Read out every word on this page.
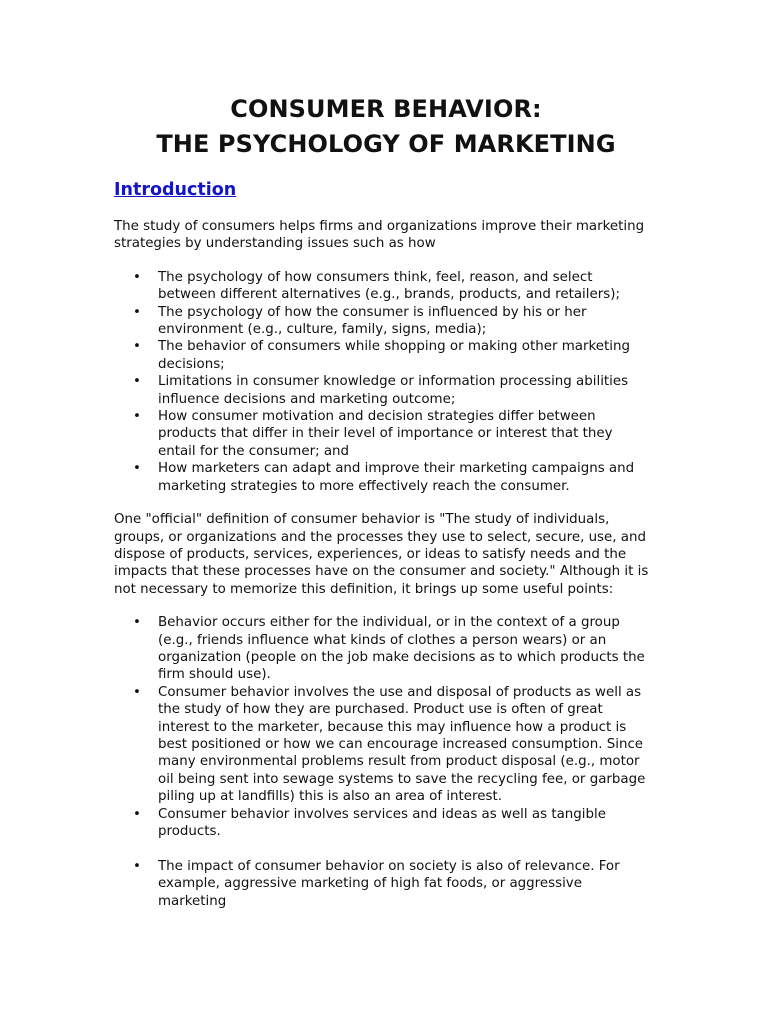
CONSUMER BEHAVIOR:
THE PSYCHOLOGY OF MARKETING
Introduction

The study of consumers helps firms and organizations improve their marketing strategies by understanding issues such as how

• The psychology of how consumers think, feel, reason, and select between different alternatives (e.g., brands, products, and retailers);
• The psychology of how the consumer is influenced by his or her environment (e.g., culture, family, signs, media);
• The behavior of consumers while shopping or making other marketing decisions;
• Limitations in consumer knowledge or information processing abilities influence decisions and marketing outcome;
• How consumer motivation and decision strategies differ between products that differ in their level of importance or interest that they entail for the consumer; and
• How marketers can adapt and improve their marketing campaigns and marketing strategies to more effectively reach the consumer.

One "official" definition of consumer behavior is "The study of individuals, groups, or organizations and the processes they use to select, secure, use, and dispose of products, services, experiences, or ideas to satisfy needs and the impacts that these processes have on the consumer and society." Although it is not necessary to memorize this definition, it brings up some useful points:

• Behavior occurs either for the individual, or in the context of a group (e.g., friends influence what kinds of clothes a person wears) or an organization (people on the job make decisions as to which products the firm should use).
• Consumer behavior involves the use and disposal of products as well as the study of how they are purchased. Product use is often of great interest to the marketer, because this may influence how a product is best positioned or how we can encourage increased consumption. Since many environmental problems result from product disposal (e.g., motor oil being sent into sewage systems to save the recycling fee, or garbage piling up at landfills) this is also an area of interest.
• Consumer behavior involves services and ideas as well as tangible products.
• The impact of consumer behavior on society is also of relevance. For example, aggressive marketing of high fat foods, or aggressive marketing
